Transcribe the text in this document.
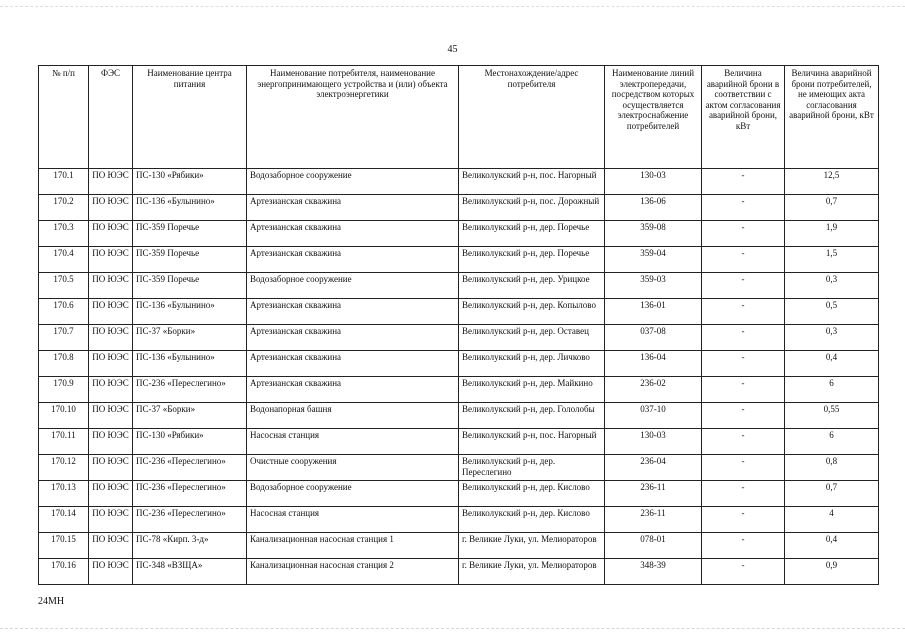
45
№ п/п	ФЭС	Наименование центра питания	Наименование потребителя, наименование энергопринимающего устройства и (или) объекта электроэнергетики	Местонахождение/адрес потребителя	Наименование линий электропередачи, посредством которых осуществляется электроснабжение потребителей	Величина аварийной брони в соответствии с актом согласования аварийной брони, кВт	Величина аварийной брони потребителей, не имеющих акта согласования аварийной брони, кВт
170.1	ПО ЮЭС	ПС-130 «Рябики»	Водозаборное сооружение	Великолукский р-н, пос. Нагорный	130-03	-	12,5
170.2	ПО ЮЭС	ПС-136 «Булынино»	Артезианская скважина	Великолукский р-н, пос. Дорожный	136-06	-	0,7
170.3	ПО ЮЭС	ПС-359 Поречье	Артезианская скважина	Великолукский р-н, дер. Поречье	359-08	-	1,9
170.4	ПО ЮЭС	ПС-359 Поречье	Артезианская скважина	Великолукский р-н, дер. Поречье	359-04	-	1,5
170.5	ПО ЮЭС	ПС-359 Поречье	Водозаборное сооружение	Великолукский р-н, дер. Урицкое	359-03	-	0,3
170.6	ПО ЮЭС	ПС-136 «Булынино»	Артезианская скважина	Великолукский р-н, дер. Копылово	136-01	-	0,5
170.7	ПО ЮЭС	ПС-37 «Борки»	Артезианская скважина	Великолукский р-н, дер. Оставец	037-08	-	0,3
170.8	ПО ЮЭС	ПС-136 «Булынино»	Артезианская скважина	Великолукский р-н, дер. Личково	136-04	-	0,4
170.9	ПО ЮЭС	ПС-236 «Переслегино»	Артезианская скважина	Великолукский р-н, дер. Майкино	236-02	-	6
170.10	ПО ЮЭС	ПС-37 «Борки»	Водонапорная башня	Великолукский р-н, дер. Гололобы	037-10	-	0,55
170.11	ПО ЮЭС	ПС-130 «Рябики»	Насосная станция	Великолукский р-н, пос. Нагорный	130-03	-	6
170.12	ПО ЮЭС	ПС-236 «Переслегино»	Очистные сооружения	Великолукский р-н, дер. Переслегино	236-04	-	0,8
170.13	ПО ЮЭС	ПС-236 «Переслегино»	Водозаборное сооружение	Великолукский р-н, дер. Кислово	236-11	-	0,7
170.14	ПО ЮЭС	ПС-236 «Переслегино»	Насосная станция	Великолукский р-н, дер. Кислово	236-11	-	4
170.15	ПО ЮЭС	ПС-78 «Кирп. 3-д»	Канализационная насосная станция 1	г. Великие Луки, ул. Мелиораторов	078-01	-	0,4
170.16	ПО ЮЭС	ПС-348 «ВЗЩА»	Канализационная насосная станция 2	г. Великие Луки, ул. Мелиораторов	348-39	-	0,9
24МН
